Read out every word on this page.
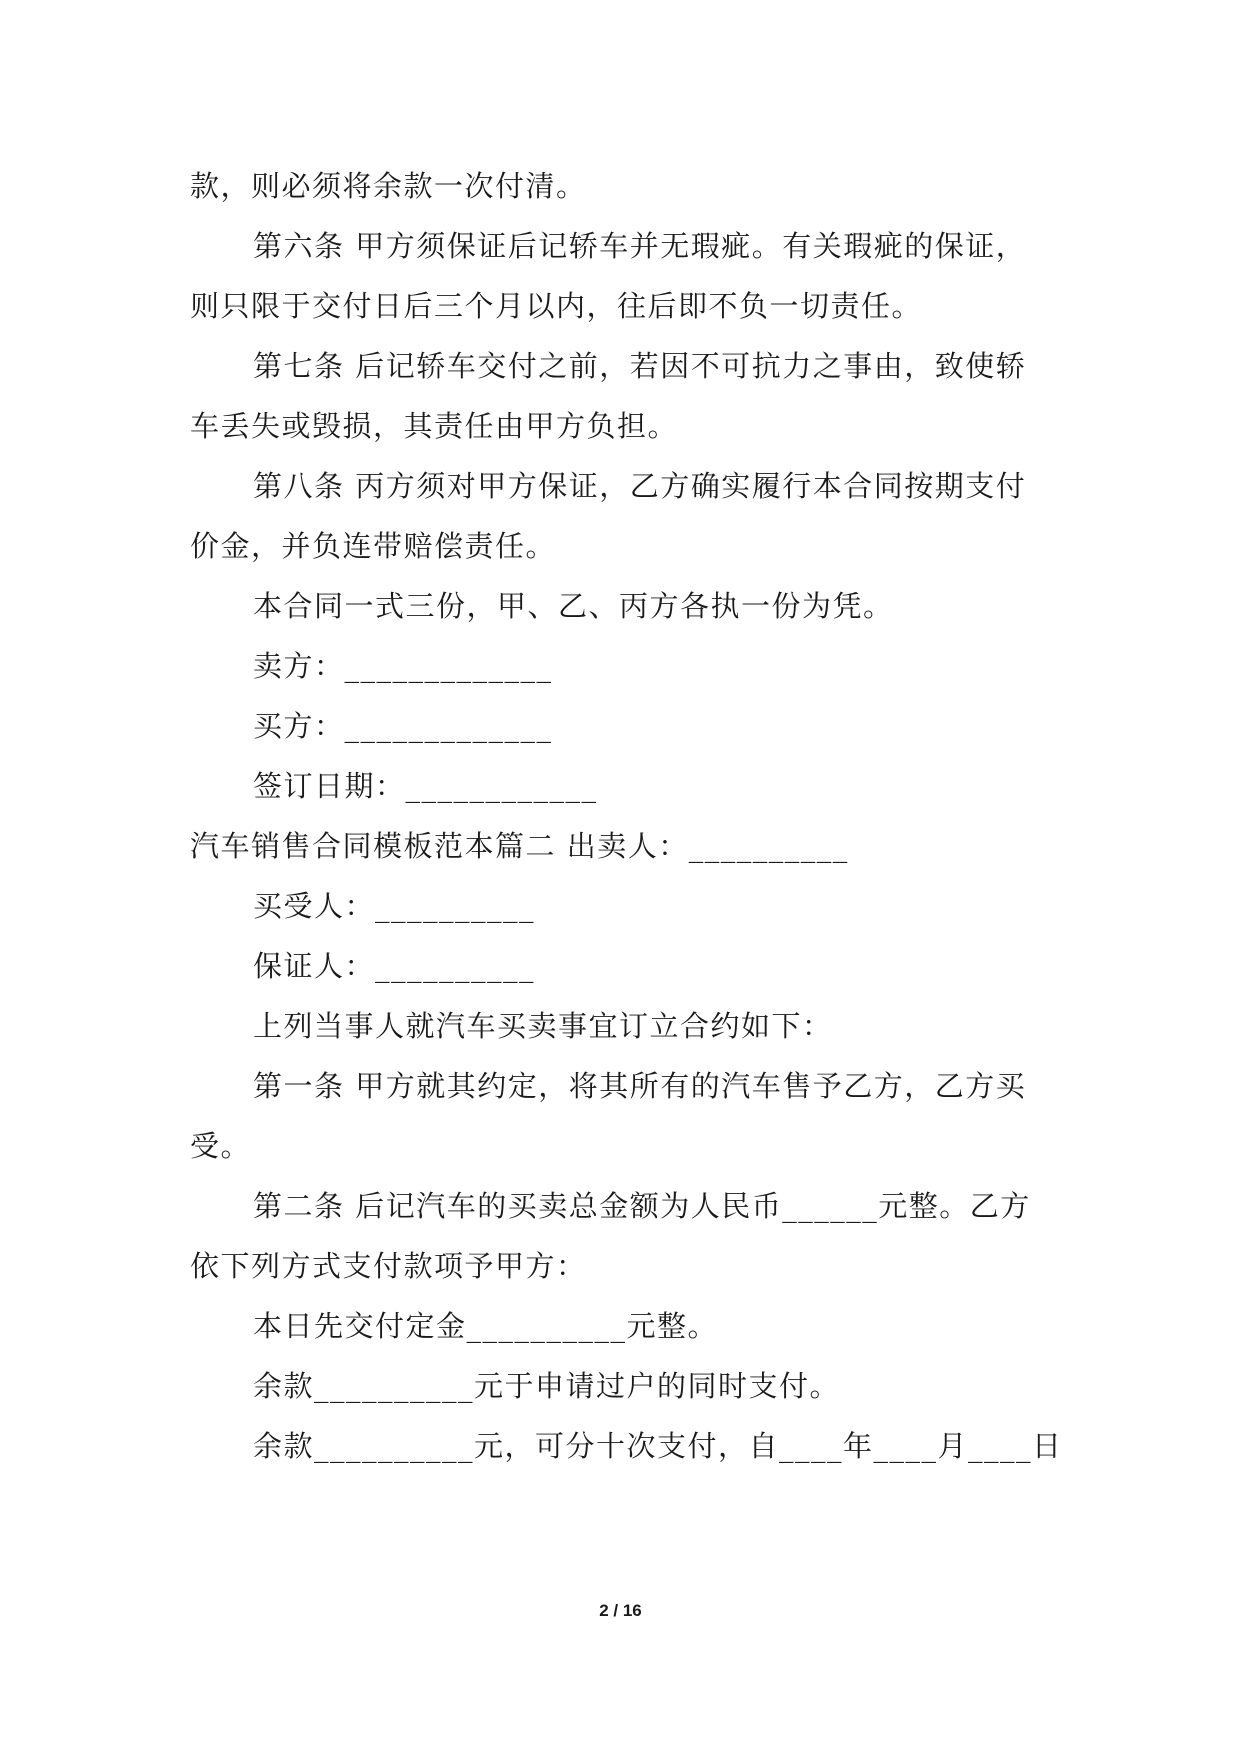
款，则必须将余款一次付清。
第六条 甲方须保证后记轿车并无瑕疵。有关瑕疵的保证，
则只限于交付日后三个月以内，往后即不负一切责任。
第七条 后记轿车交付之前，若因不可抗力之事由，致使轿
车丢失或毁损，其责任由甲方负担。
第八条 丙方须对甲方保证，乙方确实履行本合同按期支付
价金，并负连带赔偿责任。
本合同一式三份，甲、乙、丙方各执一份为凭。
卖方：_____________
买方：_____________
签订日期：____________
汽车销售合同模板范本篇二 出卖人：__________
买受人：__________
保证人：__________
上列当事人就汽车买卖事宜订立合约如下：
第一条 甲方就其约定，将其所有的汽车售予乙方，乙方买
受。
第二条 后记汽车的买卖总金额为人民币______元整。乙方
依下列方式支付款项予甲方：
本日先交付定金__________元整。
余款__________元于申请过户的同时支付。
余款__________元，可分十次支付，自____年____月____日
2 / 16
